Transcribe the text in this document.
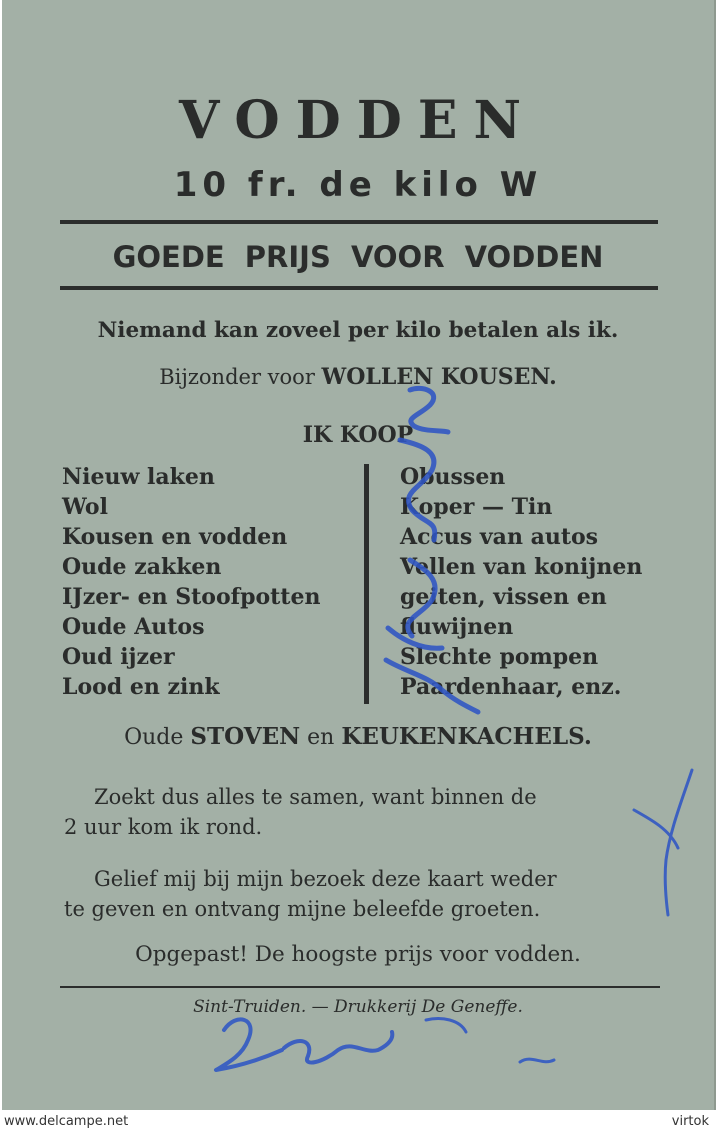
VODDEN
10 fr. de kilo W
GOEDE PRIJS VOOR VODDEN
Niemand kan zoveel per kilo betalen als ik.
Bijzonder voor WOLLEN KOUSEN.
IK KOOP
Nieuw laken
Wol
Kousen en vodden
Oude zakken
IJzer- en Stoofpotten
Oude Autos
Oud ijzer
Lood en zink
Obussen
Koper — Tin
Accus van autos
Vellen van konijnen
geiten, vissen en
fluwijnen
Slechte pompen
Paardenhaar, enz.
Oude STOVEN en KEUKENKACHELS.
Zoekt dus alles te samen, want binnen de
2 uur kom ik rond.
Gelief mij bij mijn bezoek deze kaart weder
te geven en ontvang mijne beleefde groeten.
Opgepast! De hoogste prijs voor vodden.
Sint-Truiden. — Drukkerij De Geneffe.
www.delcampe.net	virtok
